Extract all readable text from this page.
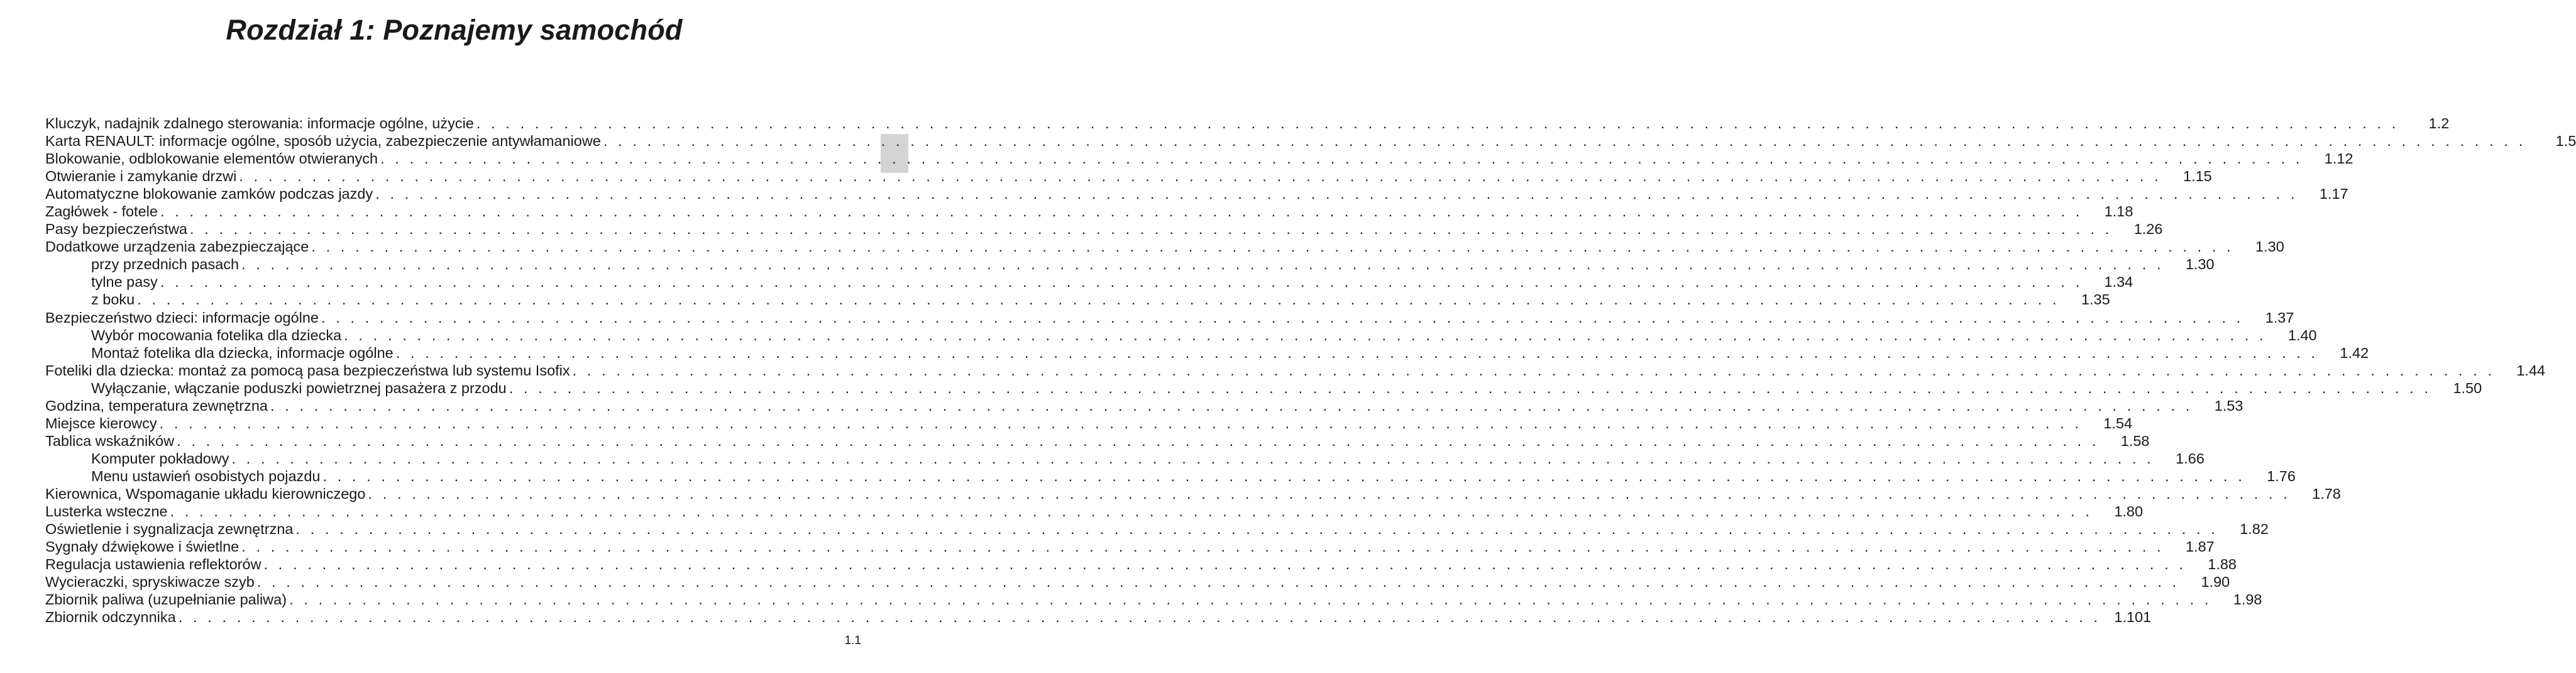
Rozdział 1: Poznajemy samochód
Kluczyk, nadajnik zdalnego sterowania: informacje ogólne, użycie . . . . . . . . . . . . . . . . . . . . . . . . . . . . . . . . . . . . . . . . . . . . . . . . . . . . . . . . . . . . . . . . . . . . . . . . . . . . . . . . . . . . . . . . . . . . . . . . . . . . . . . . . . . . . . . . . . . . . . . . . . . . . . . . . . . .	1.2
Karta RENAULT: informacje ogólne, sposób użycia, zabezpieczenie antywłamaniowe . . . . . . . . . . . . . . . . . . . . . . . . . . . . . . . . . . . . . . . . . . . . . . . . . . . . . . . . . . . . . . . . . . . . . . . . . . . . . . . . . . . . . . . . . . . . . . . . . . . . . . . . . . . . . . . . . . . . . . . . . . . . . . . . . . . .	1.5
Blokowanie, odblokowanie elementów otwieranych . . . . . . . . . . . . . . . . . . . . . . . . . . . . . . . . . . . . . . . . . . . . . . . . . . . . . . . . . . . . . . . . . . . . . . . . . . . . . . . . . . . . . . . . . . . . . . . . . . . . . . . . . . . . . . . . . . . . . . . . . . . . . . . . . . . .	1.12
Otwieranie i zamykanie drzwi . . . . . . . . . . . . . . . . . . . . . . . . . . . . . . . . . . . . . . . . . . . . . . . . . . . . . . . . . . . . . . . . . . . . . . . . . . . . . . . . . . . . . . . . . . . . . . . . . . . . . . . . . . . . . . . . . . . . . . . . . . . . . . . . . . . .	1.15
Automatyczne blokowanie zamków podczas jazdy . . . . . . . . . . . . . . . . . . . . . . . . . . . . . . . . . . . . . . . . . . . . . . . . . . . . . . . . . . . . . . . . . . . . . . . . . . . . . . . . . . . . . . . . . . . . . . . . . . . . . . . . . . . . . . . . . . . . . . . . . . . . . . . . . . . .	1.17
Zagłówek - fotele . . . . . . . . . . . . . . . . . . . . . . . . . . . . . . . . . . . . . . . . . . . . . . . . . . . . . . . . . . . . . . . . . . . . . . . . . . . . . . . . . . . . . . . . . . . . . . . . . . . . . . . . . . . . . . . . . . . . . . . . . . . . . . . . . . . .	1.18
Pasy bezpieczeństwa . . . . . . . . . . . . . . . . . . . . . . . . . . . . . . . . . . . . . . . . . . . . . . . . . . . . . . . . . . . . . . . . . . . . . . . . . . . . . . . . . . . . . . . . . . . . . . . . . . . . . . . . . . . . . . . . . . . . . . . . . . . . . . . . . . . .	1.26
Dodatkowe urządzenia zabezpieczające . . . . . . . . . . . . . . . . . . . . . . . . . . . . . . . . . . . . . . . . . . . . . . . . . . . . . . . . . . . . . . . . . . . . . . . . . . . . . . . . . . . . . . . . . . . . . . . . . . . . . . . . . . . . . . . . . . . . . . . . . . . . . . . . . . . .	1.30
przy przednich pasach . . . . . . . . . . . . . . . . . . . . . . . . . . . . . . . . . . . . . . . . . . . . . . . . . . . . . . . . . . . . . . . . . . . . . . . . . . . . . . . . . . . . . . . . . . . . . . . . . . . . . . . . . . . . . . . . . . . . . . . . . . . . . . . . . . . .	1.30
tylne pasy . . . . . . . . . . . . . . . . . . . . . . . . . . . . . . . . . . . . . . . . . . . . . . . . . . . . . . . . . . . . . . . . . . . . . . . . . . . . . . . . . . . . . . . . . . . . . . . . . . . . . . . . . . . . . . . . . . . . . . . . . . . . . . . . . . . .	1.34
z boku . . . . . . . . . . . . . . . . . . . . . . . . . . . . . . . . . . . . . . . . . . . . . . . . . . . . . . . . . . . . . . . . . . . . . . . . . . . . . . . . . . . . . . . . . . . . . . . . . . . . . . . . . . . . . . . . . . . . . . . . . . . . . . . . . . . .	1.35
Bezpieczeństwo dzieci: informacje ogólne . . . . . . . . . . . . . . . . . . . . . . . . . . . . . . . . . . . . . . . . . . . . . . . . . . . . . . . . . . . . . . . . . . . . . . . . . . . . . . . . . . . . . . . . . . . . . . . . . . . . . . . . . . . . . . . . . . . . . . . . . . . . . . . . . . . .	1.37
Wybór mocowania fotelika dla dziecka . . . . . . . . . . . . . . . . . . . . . . . . . . . . . . . . . . . . . . . . . . . . . . . . . . . . . . . . . . . . . . . . . . . . . . . . . . . . . . . . . . . . . . . . . . . . . . . . . . . . . . . . . . . . . . . . . . . . . . . . . . . . . . . . . . . .	1.40
Montaż fotelika dla dziecka, informacje ogólne . . . . . . . . . . . . . . . . . . . . . . . . . . . . . . . . . . . . . . . . . . . . . . . . . . . . . . . . . . . . . . . . . . . . . . . . . . . . . . . . . . . . . . . . . . . . . . . . . . . . . . . . . . . . . . . . . . . . . . . . . . . . . . . . . . . .	1.42
Foteliki dla dziecka: montaż za pomocą pasa bezpieczeństwa lub systemu Isofix . . . . . . . . . . . . . . . . . . . . . . . . . . . . . . . . . . . . . . . . . . . . . . . . . . . . . . . . . . . . . . . . . . . . . . . . . . . . . . . . . . . . . . . . . . . . . . . . . . . . . . . . . . . . . . . . . . . . . . . . . . . . . . . . . . . .	1.44
Wyłączanie, włączanie poduszki powietrznej pasażera z przodu . . . . . . . . . . . . . . . . . . . . . . . . . . . . . . . . . . . . . . . . . . . . . . . . . . . . . . . . . . . . . . . . . . . . . . . . . . . . . . . . . . . . . . . . . . . . . . . . . . . . . . . . . . . . . . . . . . . . . . . . . . . . . . . . . . . .	1.50
Godzina, temperatura zewnętrzna . . . . . . . . . . . . . . . . . . . . . . . . . . . . . . . . . . . . . . . . . . . . . . . . . . . . . . . . . . . . . . . . . . . . . . . . . . . . . . . . . . . . . . . . . . . . . . . . . . . . . . . . . . . . . . . . . . . . . . . . . . . . . . . . . . . .	1.53
Miejsce kierowcy . . . . . . . . . . . . . . . . . . . . . . . . . . . . . . . . . . . . . . . . . . . . . . . . . . . . . . . . . . . . . . . . . . . . . . . . . . . . . . . . . . . . . . . . . . . . . . . . . . . . . . . . . . . . . . . . . . . . . . . . . . . . . . . . . . . .	1.54
Tablica wskaźników . . . . . . . . . . . . . . . . . . . . . . . . . . . . . . . . . . . . . . . . . . . . . . . . . . . . . . . . . . . . . . . . . . . . . . . . . . . . . . . . . . . . . . . . . . . . . . . . . . . . . . . . . . . . . . . . . . . . . . . . . . . . . . . . . . . .	1.58
Komputer pokładowy . . . . . . . . . . . . . . . . . . . . . . . . . . . . . . . . . . . . . . . . . . . . . . . . . . . . . . . . . . . . . . . . . . . . . . . . . . . . . . . . . . . . . . . . . . . . . . . . . . . . . . . . . . . . . . . . . . . . . . . . . . . . . . . . . . . .	1.66
Menu ustawień osobistych pojazdu . . . . . . . . . . . . . . . . . . . . . . . . . . . . . . . . . . . . . . . . . . . . . . . . . . . . . . . . . . . . . . . . . . . . . . . . . . . . . . . . . . . . . . . . . . . . . . . . . . . . . . . . . . . . . . . . . . . . . . . . . . . . . . . . . . . .	1.76
Kierownica, Wspomaganie układu kierowniczego . . . . . . . . . . . . . . . . . . . . . . . . . . . . . . . . . . . . . . . . . . . . . . . . . . . . . . . . . . . . . . . . . . . . . . . . . . . . . . . . . . . . . . . . . . . . . . . . . . . . . . . . . . . . . . . . . . . . . . . . . . . . . . . . . . . .	1.78
Lusterka wsteczne . . . . . . . . . . . . . . . . . . . . . . . . . . . . . . . . . . . . . . . . . . . . . . . . . . . . . . . . . . . . . . . . . . . . . . . . . . . . . . . . . . . . . . . . . . . . . . . . . . . . . . . . . . . . . . . . . . . . . . . . . . . . . . . . . . . .	1.80
Oświetlenie i sygnalizacja zewnętrzna . . . . . . . . . . . . . . . . . . . . . . . . . . . . . . . . . . . . . . . . . . . . . . . . . . . . . . . . . . . . . . . . . . . . . . . . . . . . . . . . . . . . . . . . . . . . . . . . . . . . . . . . . . . . . . . . . . . . . . . . . . . . . . . . . . . .	1.82
Sygnały dźwiękowe i świetlne . . . . . . . . . . . . . . . . . . . . . . . . . . . . . . . . . . . . . . . . . . . . . . . . . . . . . . . . . . . . . . . . . . . . . . . . . . . . . . . . . . . . . . . . . . . . . . . . . . . . . . . . . . . . . . . . . . . . . . . . . . . . . . . . . . . .	1.87
Regulacja ustawienia reflektorów . . . . . . . . . . . . . . . . . . . . . . . . . . . . . . . . . . . . . . . . . . . . . . . . . . . . . . . . . . . . . . . . . . . . . . . . . . . . . . . . . . . . . . . . . . . . . . . . . . . . . . . . . . . . . . . . . . . . . . . . . . . . . . . . . . . .	1.88
Wycieraczki, spryskiwacze szyb . . . . . . . . . . . . . . . . . . . . . . . . . . . . . . . . . . . . . . . . . . . . . . . . . . . . . . . . . . . . . . . . . . . . . . . . . . . . . . . . . . . . . . . . . . . . . . . . . . . . . . . . . . . . . . . . . . . . . . . . . . . . . . . . . . . .	1.90
Zbiornik paliwa (uzupełnianie paliwa) . . . . . . . . . . . . . . . . . . . . . . . . . . . . . . . . . . . . . . . . . . . . . . . . . . . . . . . . . . . . . . . . . . . . . . . . . . . . . . . . . . . . . . . . . . . . . . . . . . . . . . . . . . . . . . . . . . . . . . . . . . . . . . . . . . . .	1.98
Zbiornik odczynnika . . . . . . . . . . . . . . . . . . . . . . . . . . . . . . . . . . . . . . . . . . . . . . . . . . . . . . . . . . . . . . . . . . . . . . . . . . . . . . . . . . . . . . . . . . . . . . . . . . . . . . . . . . . . . . . . . . . . . . . . . . . . . . . . . . . . 1.101
1.1
